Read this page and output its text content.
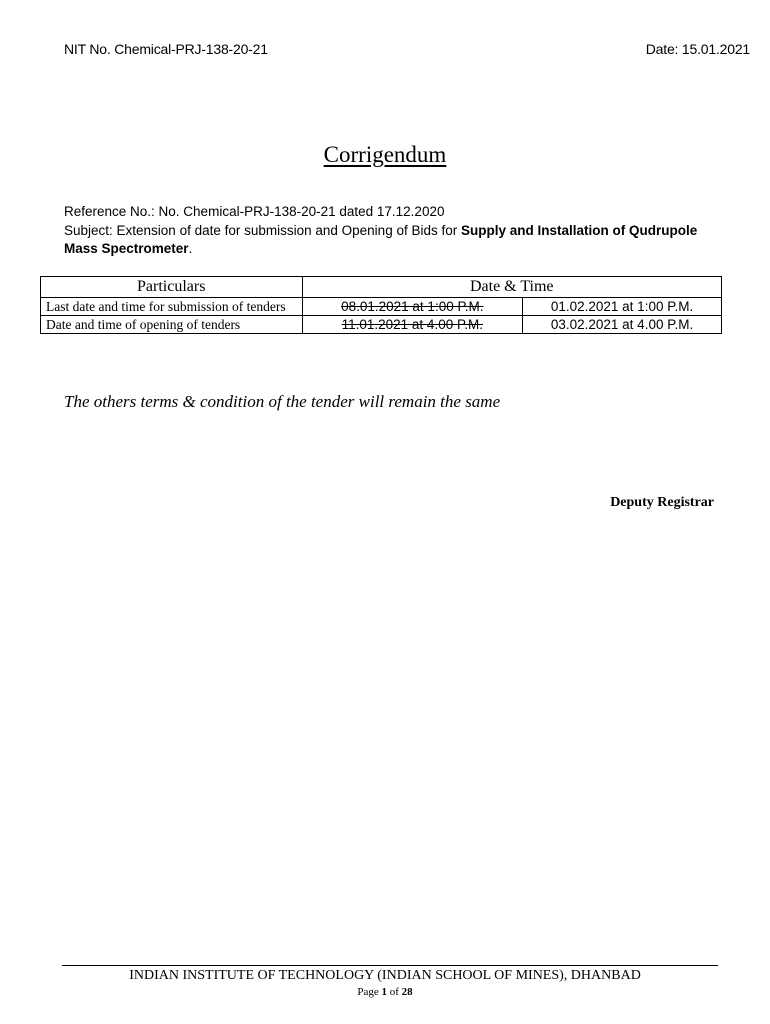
NIT No. Chemical-PRJ-138-20-21	Date: 15.01.2021
Corrigendum
Reference No.: No. Chemical-PRJ-138-20-21 dated 17.12.2020
Subject: Extension of date for submission and Opening of Bids for Supply and Installation of Qudrupole Mass Spectrometer.
Particulars	Date & Time	
Last date and time for submission of tenders	08.01.2021 at 1:00 P.M.	01.02.2021 at 1:00 P.M.
Date and time of opening of tenders	11.01.2021 at 4.00 P.M.	03.02.2021 at 4.00 P.M.
The others terms & condition of the tender will remain the same
Deputy Registrar
INDIAN INSTITUTE OF TECHNOLOGY (INDIAN SCHOOL OF MINES), DHANBAD
Page 1 of 28
